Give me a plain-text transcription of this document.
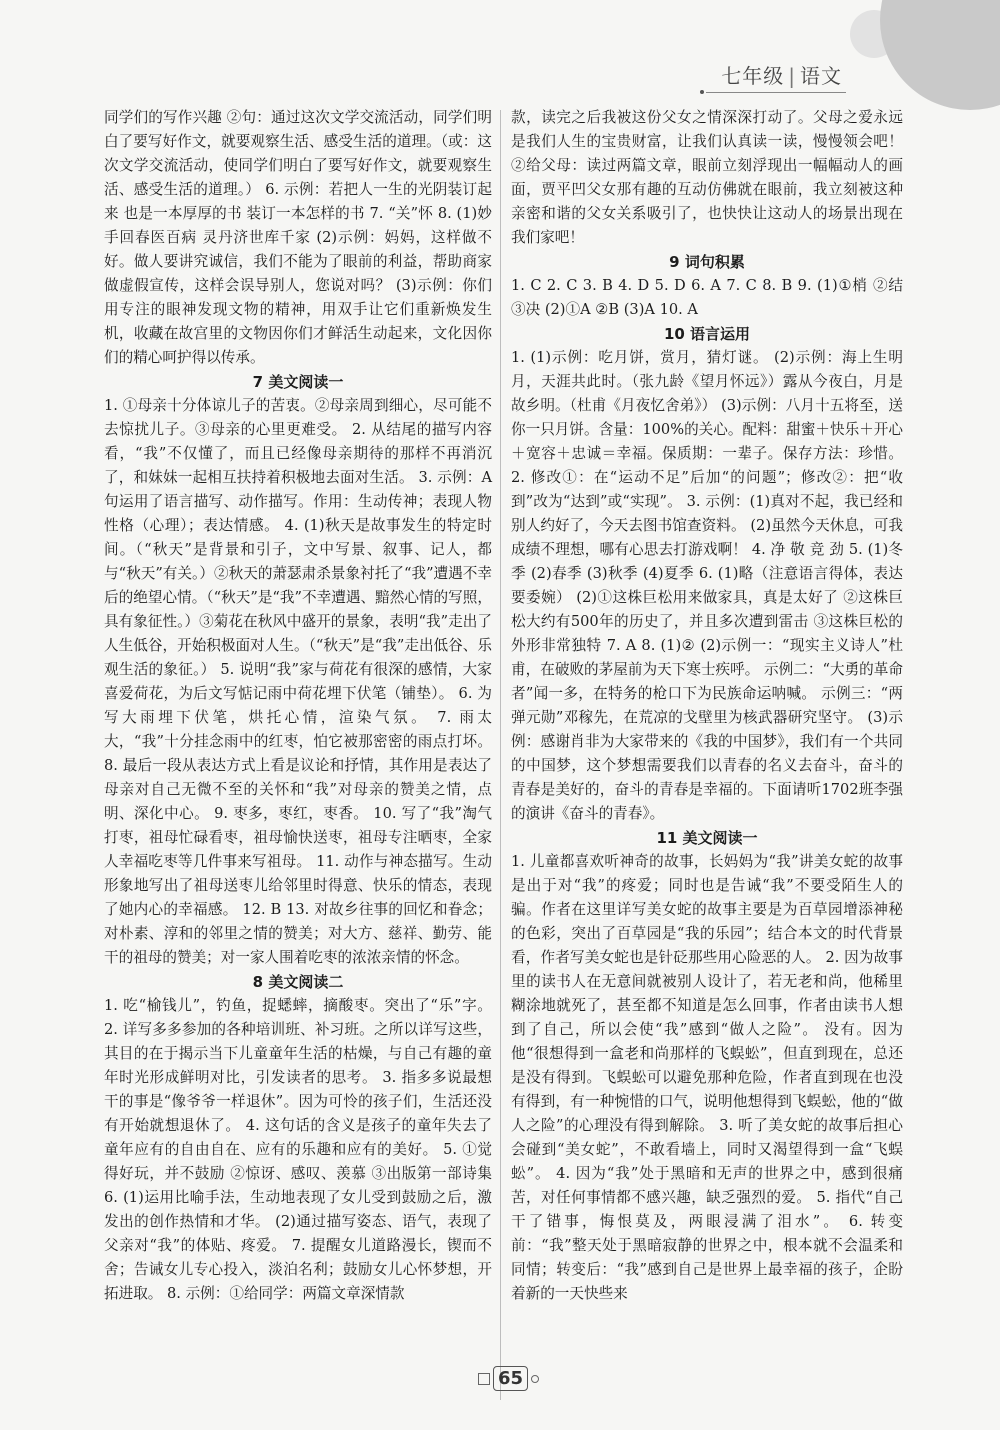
七年级 | 语文

同学们的写作兴趣 ②句：通过这次文学交流活动，同学们明白了要写好作文，就要观察生活、感受生活的道理。（或：这次文学交流活动，使同学们明白了要写好作文，就要观察生活、感受生活的道理。） 6. 示例：若把人一生的光阴装订起来 也是一本厚厚的书 装订一本怎样的书 7. “关”怀 8. (1)妙手回春医百病 灵丹济世库千家 (2)示例：妈妈，这样做不好。做人要讲究诚信，我们不能为了眼前的利益，帮助商家做虚假宣传，这样会误导别人，您说对吗？ (3)示例：你们用专注的眼神发现文物的精神，用双手让它们重新焕发生机，收藏在故宫里的文物因你们才鲜活生动起来，文化因你们的精心呵护得以传承。

7 美文阅读一

1. ①母亲十分体谅儿子的苦衷。②母亲周到细心，尽可能不去惊扰儿子。③母亲的心里更难受。 2. 从结尾的描写内容看，“我”不仅懂了，而且已经像母亲期待的那样不再消沉了，和妹妹一起相互扶持着积极地去面对生活。 3. 示例：A句运用了语言描写、动作描写。作用：生动传神；表现人物性格（心理）；表达情感。 4. (1)秋天是故事发生的特定时间。（“秋天”是背景和引子，文中写景、叙事、记人，都与“秋天”有关。）②秋天的萧瑟肃杀景象衬托了“我”遭遇不幸后的绝望心情。（“秋天”是“我”不幸遭遇、黯然心情的写照，具有象征性。）③菊花在秋风中盛开的景象，表明“我”走出了人生低谷，开始积极面对人生。（“秋天”是“我”走出低谷、乐观生活的象征。） 5. 说明“我”家与荷花有很深的感情，大家喜爱荷花，为后文写惦记雨中荷花埋下伏笔（铺垫）。 6. 为写大雨埋下伏笔，烘托心情，渲染气氛。 7. 雨太大，“我”十分挂念雨中的红枣，怕它被那密密的雨点打坏。 8. 最后一段从表达方式上看是议论和抒情，其作用是表达了母亲对自己无微不至的关怀和“我”对母亲的赞美之情，点明、深化中心。 9. 枣多，枣红，枣香。 10. 写了“我”淘气打枣，祖母忙碌看枣，祖母愉快送枣，祖母专注晒枣，全家人幸福吃枣等几件事来写祖母。 11. 动作与神态描写。生动形象地写出了祖母送枣儿给邻里时得意、快乐的情态，表现了她内心的幸福感。 12. B 13. 对故乡往事的回忆和眷念；对朴素、淳和的邻里之情的赞美；对大方、慈祥、勤劳、能干的祖母的赞美；对一家人围着吃枣的浓浓亲情的怀念。

8 美文阅读二

1. 吃“榆钱儿”，钓鱼，捉蟋蟀，摘酸枣。突出了“乐”字。 2. 详写多多参加的各种培训班、补习班。之所以详写这些，其目的在于揭示当下儿童童年生活的枯燥，与自己有趣的童年时光形成鲜明对比，引发读者的思考。 3. 指多多说最想干的事是“像爷爷一样退休”。因为可怜的孩子们，生活还没有开始就想退休了。 4. 这句话的含义是孩子的童年失去了童年应有的自由自在、应有的乐趣和应有的美好。 5. ①觉得好玩，并不鼓励 ②惊讶、感叹、羡慕 ③出版第一部诗集 6. (1)运用比喻手法，生动地表现了女儿受到鼓励之后，激发出的创作热情和才华。 (2)通过描写姿态、语气，表现了父亲对“我”的体贴、疼爱。 7. 提醒女儿道路漫长，锲而不舍；告诫女儿专心投入，淡泊名利；鼓励女儿心怀梦想，开拓进取。 8. 示例：①给同学：两篇文章深情款

款，读完之后我被这份父女之情深深打动了。父母之爱永远是我们人生的宝贵财富，让我们认真读一读，慢慢领会吧！ ②给父母：读过两篇文章，眼前立刻浮现出一幅幅动人的画面，贾平凹父女那有趣的互动仿佛就在眼前，我立刻被这种亲密和谐的父女关系吸引了，也快快让这动人的场景出现在我们家吧！

9 词句积累

1. C 2. C 3. B 4. D 5. D 6. A 7. C 8. B 9. (1)①梢 ②结 ③决 (2)①A ②B (3)A 10. A

10 语言运用

1. (1)示例：吃月饼，赏月，猜灯谜。 (2)示例：海上生明月，天涯共此时。（张九龄《望月怀远》）露从今夜白，月是故乡明。（杜甫《月夜忆舍弟》） (3)示例：八月十五将至，送你一只月饼。含量：100%的关心。配料：甜蜜＋快乐＋开心＋宽容＋忠诚＝幸福。保质期：一辈子。保存方法：珍惜。 2. 修改①：在“运动不足”后加“的问题”；修改②：把“收到”改为“达到”或“实现”。 3. 示例：(1)真对不起，我已经和别人约好了，今天去图书馆查资料。 (2)虽然今天休息，可我成绩不理想，哪有心思去打游戏啊！ 4. 净 敬 竞 劲 5. (1)冬季 (2)春季 (3)秋季 (4)夏季 6. (1)略（注意语言得体，表达要委婉） (2)①这株巨松用来做家具，真是太好了 ②这株巨松大约有500年的历史了，并且多次遭到雷击 ③这株巨松的外形非常独特 7. A 8. (1)② (2)示例一：“现实主义诗人”杜甫，在破败的茅屋前为天下寒士疾呼。 示例二：“大勇的革命者”闻一多，在特务的枪口下为民族命运呐喊。 示例三：“两弹元勋”邓稼先，在荒凉的戈壁里为核武器研究坚守。 (3)示例：感谢肖非为大家带来的《我的中国梦》，我们有一个共同的中国梦，这个梦想需要我们以青春的名义去奋斗，奋斗的青春是美好的，奋斗的青春是幸福的。下面请听1702班李强的演讲《奋斗的青春》。

11 美文阅读一

1. 儿童都喜欢听神奇的故事，长妈妈为“我”讲美女蛇的故事是出于对“我”的疼爱；同时也是告诫“我”不要受陌生人的骗。作者在这里详写美女蛇的故事主要是为百草园增添神秘的色彩，突出了百草园是“我的乐园”；结合本文的时代背景看，作者写美女蛇也是针砭那些用心险恶的人。 2. 因为故事里的读书人在无意间就被别人设计了，若无老和尚，他稀里糊涂地就死了，甚至都不知道是怎么回事，作者由读书人想到了自己，所以会使“我”感到“做人之险”。 没有。因为他“很想得到一盒老和尚那样的飞蜈蚣”，但直到现在，总还是没有得到。飞蜈蚣可以避免那种危险，作者直到现在也没有得到，有一种惋惜的口气，说明他想得到飞蜈蚣，他的“做人之险”的心理没有得到解除。 3. 听了美女蛇的故事后担心会碰到“美女蛇”，不敢看墙上，同时又渴望得到一盒“飞蜈蚣”。 4. 因为“我”处于黑暗和无声的世界之中，感到很痛苦，对任何事情都不感兴趣，缺乏强烈的爱。 5. 指代“自己干了错事，悔恨莫及，两眼浸满了泪水”。 6. 转变前：“我”整天处于黑暗寂静的世界之中，根本就不会温柔和同情；转变后：“我”感到自己是世界上最幸福的孩子，企盼着新的一天快些来

65
